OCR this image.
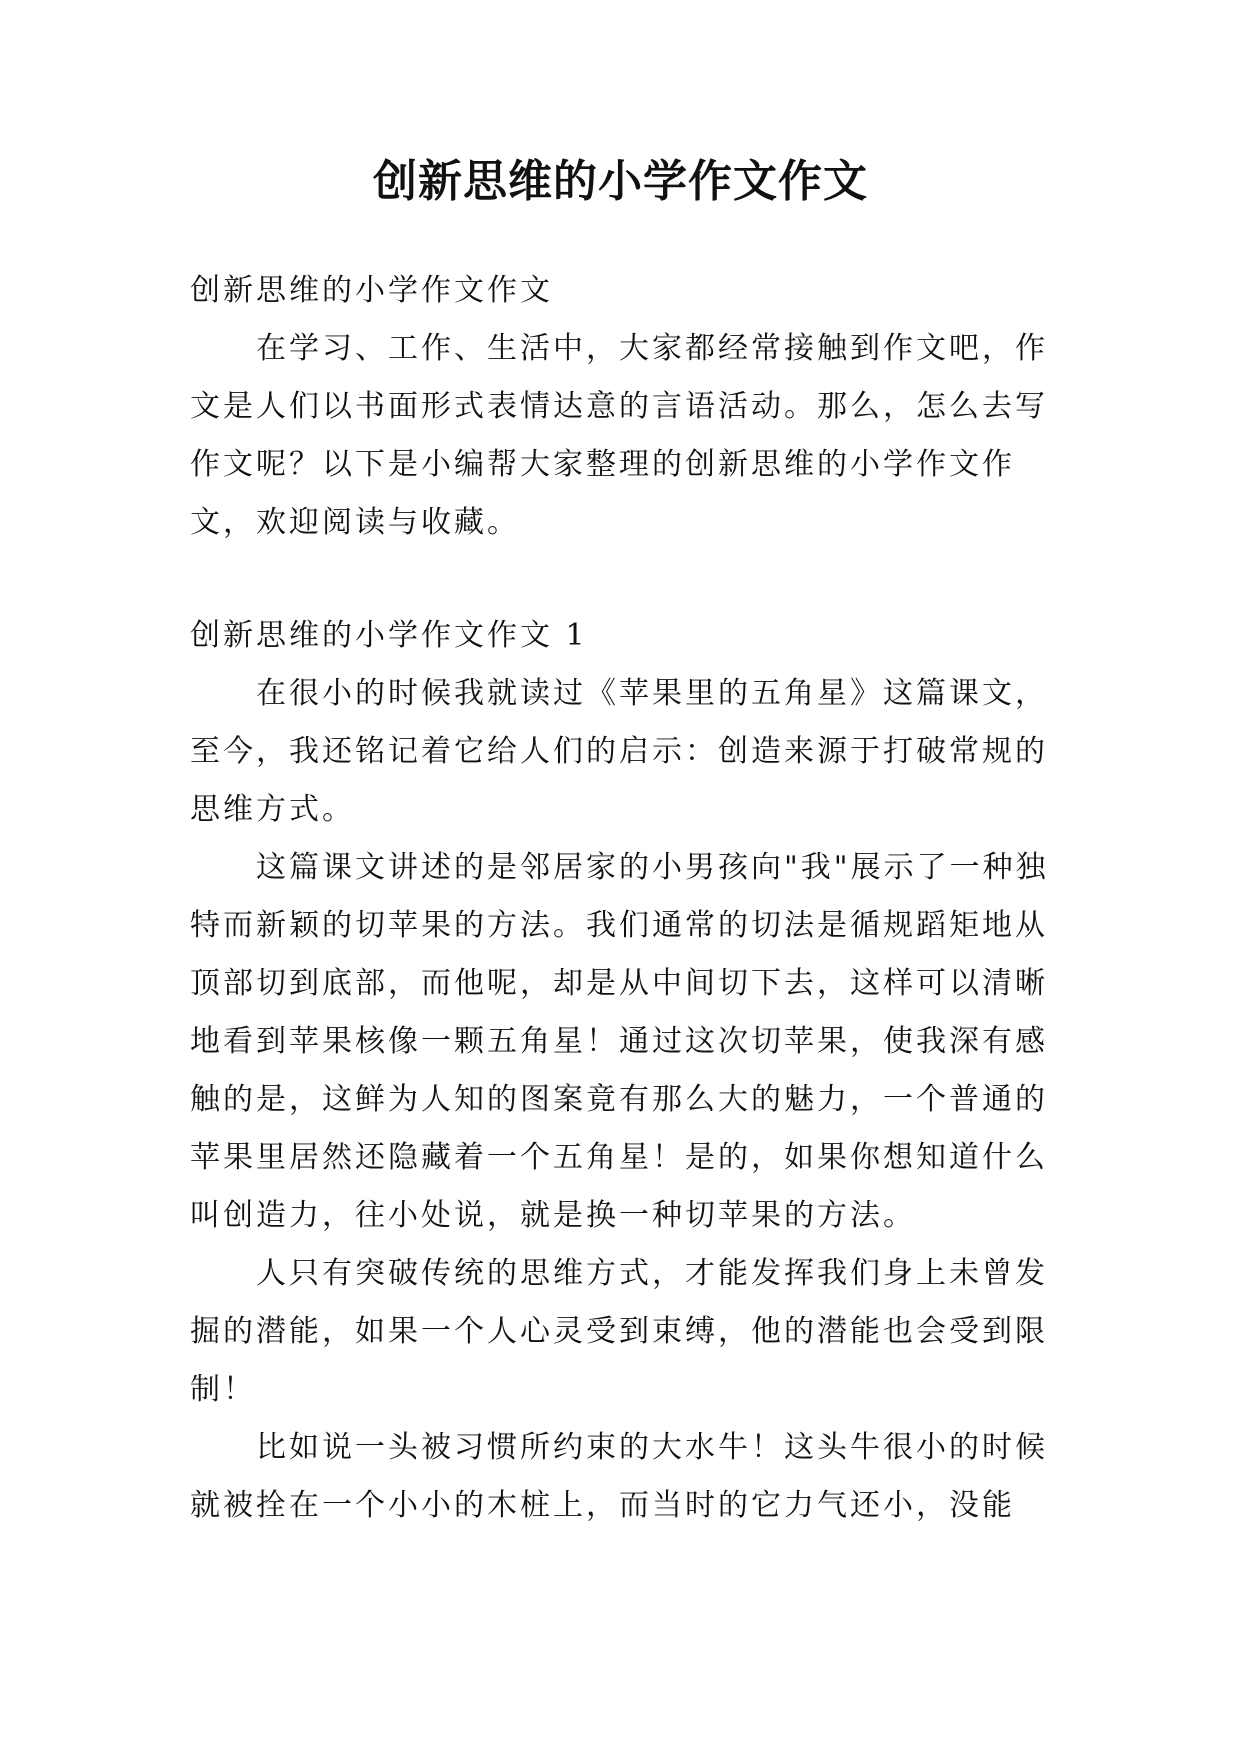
创新思维的小学作文作文

创新思维的小学作文作文

在学习、工作、生活中，大家都经常接触到作文吧，作文是人们以书面形式表情达意的言语活动。那么，怎么去写作文呢？以下是小编帮大家整理的创新思维的小学作文作文，欢迎阅读与收藏。

创新思维的小学作文作文 1

在很小的时候我就读过《苹果里的五角星》这篇课文，至今，我还铭记着它给人们的启示：创造来源于打破常规的思维方式。

这篇课文讲述的是邻居家的小男孩向"我"展示了一种独特而新颖的切苹果的方法。我们通常的切法是循规蹈矩地从顶部切到底部，而他呢，却是从中间切下去，这样可以清晰地看到苹果核像一颗五角星！通过这次切苹果，使我深有感触的是，这鲜为人知的图案竟有那么大的魅力，一个普通的苹果里居然还隐藏着一个五角星！是的，如果你想知道什么叫创造力，往小处说，就是换一种切苹果的方法。

人只有突破传统的思维方式，才能发挥我们身上未曾发掘的潜能，如果一个人心灵受到束缚，他的潜能也会受到限制！

比如说一头被习惯所约束的大水牛！这头牛很小的时候就被拴在一个小小的木桩上，而当时的它力气还小，没能
